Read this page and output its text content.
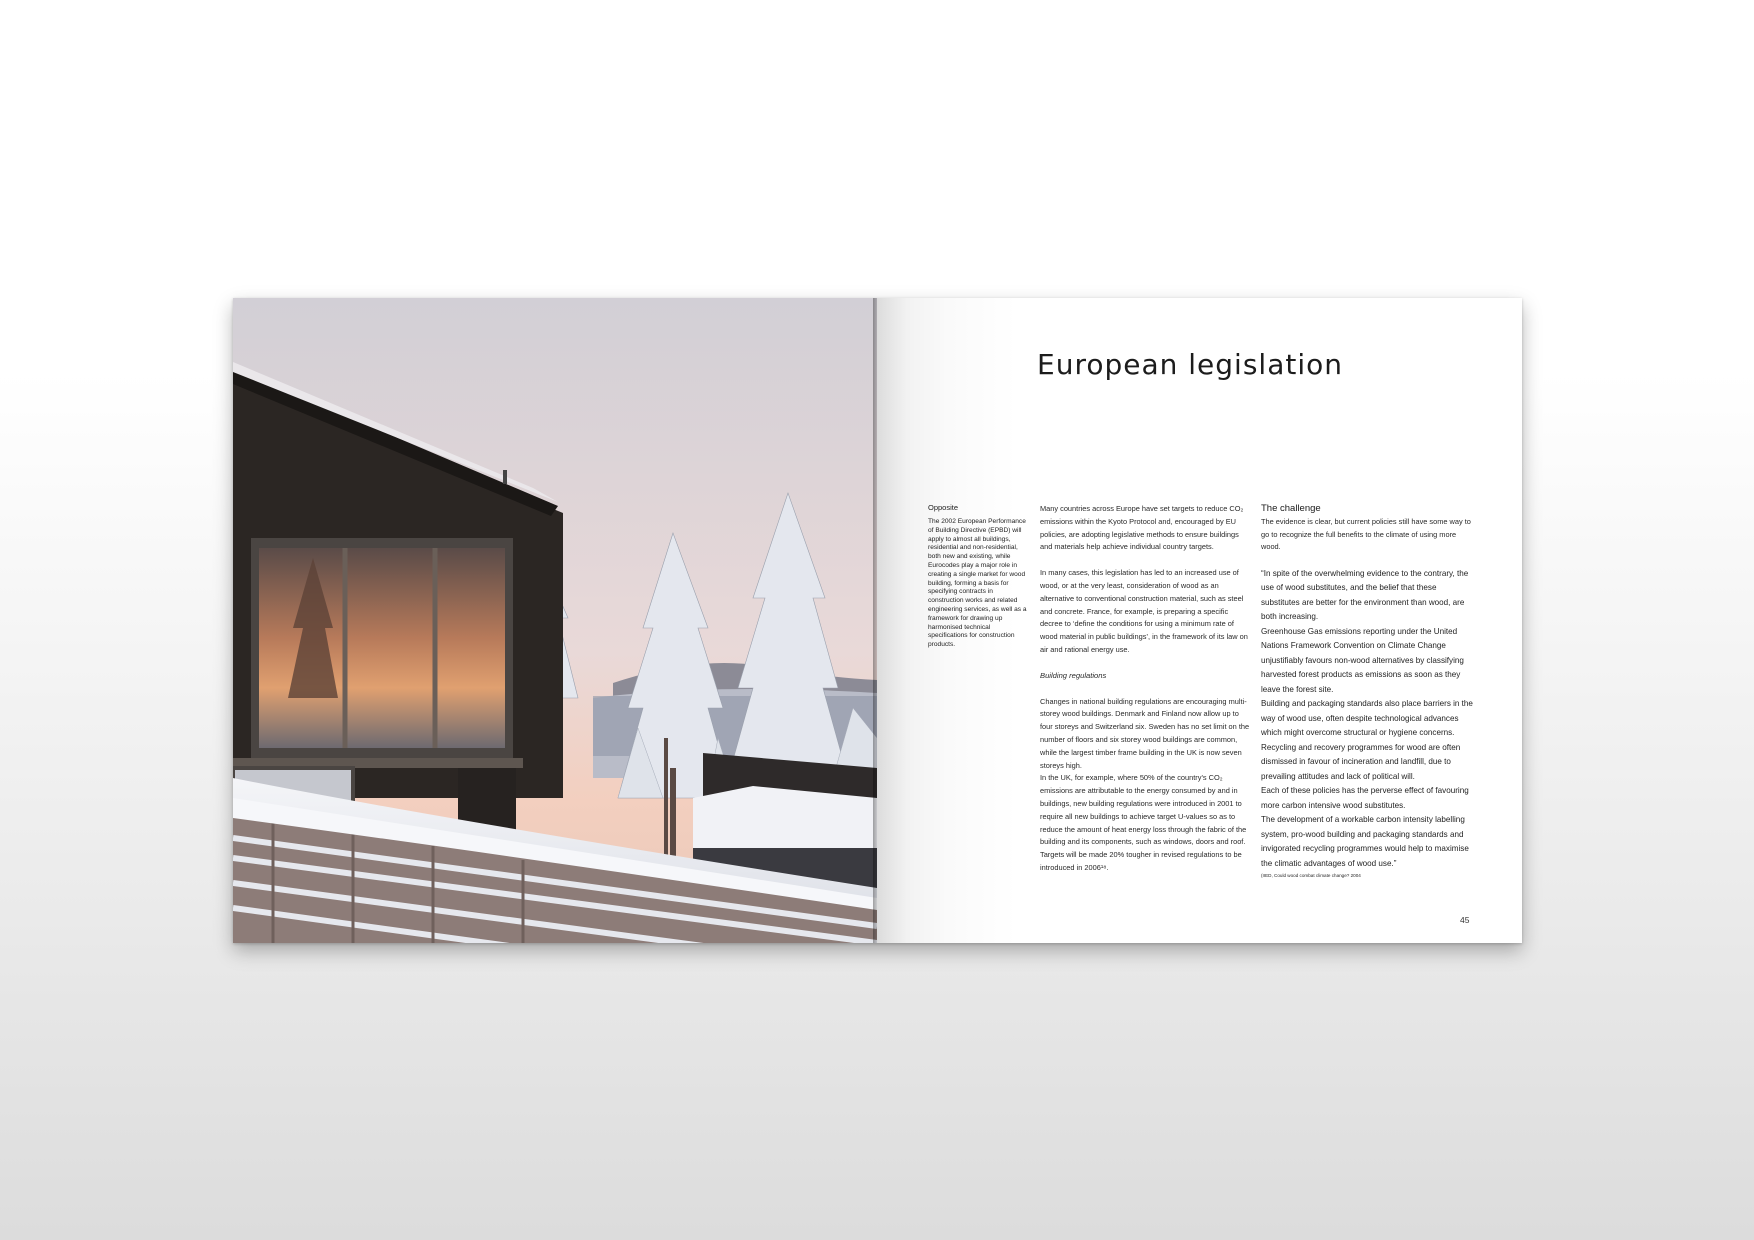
European legislation

Opposite

The 2002 European Performance of Building Directive (EPBD) will apply to almost all buildings, residential and non-residential, both new and existing, while Eurocodes play a major role in creating a single market for wood building, forming a basis for specifying contracts in construction works and related engineering services, as well as a framework for drawing up harmonised technical specifications for construction products.

Many countries across Europe have set targets to reduce CO₂ emissions within the Kyoto Protocol and, encouraged by EU policies, are adopting legislative methods to ensure buildings and materials help achieve individual country targets.

In many cases, this legislation has led to an increased use of wood, or at the very least, consideration of wood as an alternative to conventional construction material, such as steel and concrete. France, for example, is preparing a specific decree to ‘define the conditions for using a minimum rate of wood material in public buildings’, in the framework of its law on air and rational energy use.

Building regulations

Changes in national building regulations are encouraging multi-storey wood buildings. Denmark and Finland now allow up to four storeys and Switzerland six. Sweden has no set limit on the number of floors and six storey wood buildings are common, while the largest timber frame building in the UK is now seven storeys high.

In the UK, for example, where 50% of the country's CO₂ emissions are attributable to the energy consumed by and in buildings, new building regulations were introduced in 2001 to require all new buildings to achieve target U-values so as to reduce the amount of heat energy loss through the fabric of the building and its components, such as windows, doors and roof. Targets will be made 20% tougher in revised regulations to be introduced in 2006¹⁸.

The challenge

The evidence is clear, but current policies still have some way to go to recognize the full benefits to the climate of using more wood.

“In spite of the overwhelming evidence to the contrary, the use of wood substitutes, and the belief that these substitutes are better for the environment than wood, are both increasing.

Greenhouse Gas emissions reporting under the United Nations Framework Convention on Climate Change unjustifiably favours non-wood alternatives by classifying harvested forest products as emissions as soon as they leave the forest site.

Building and packaging standards also place barriers in the way of wood use, often despite technological advances which might overcome structural or hygiene concerns.

Recycling and recovery programmes for wood are often dismissed in favour of incineration and landfill, due to prevailing attitudes and lack of political will.

Each of these policies has the perverse effect of favouring more carbon intensive wood substitutes.

The development of a workable carbon intensity labelling system, pro-wood building and packaging standards and invigorated recycling programmes would help to maximise the climatic advantages of wood use.”

(IIED, Could wood combat climate change? 2004

45
